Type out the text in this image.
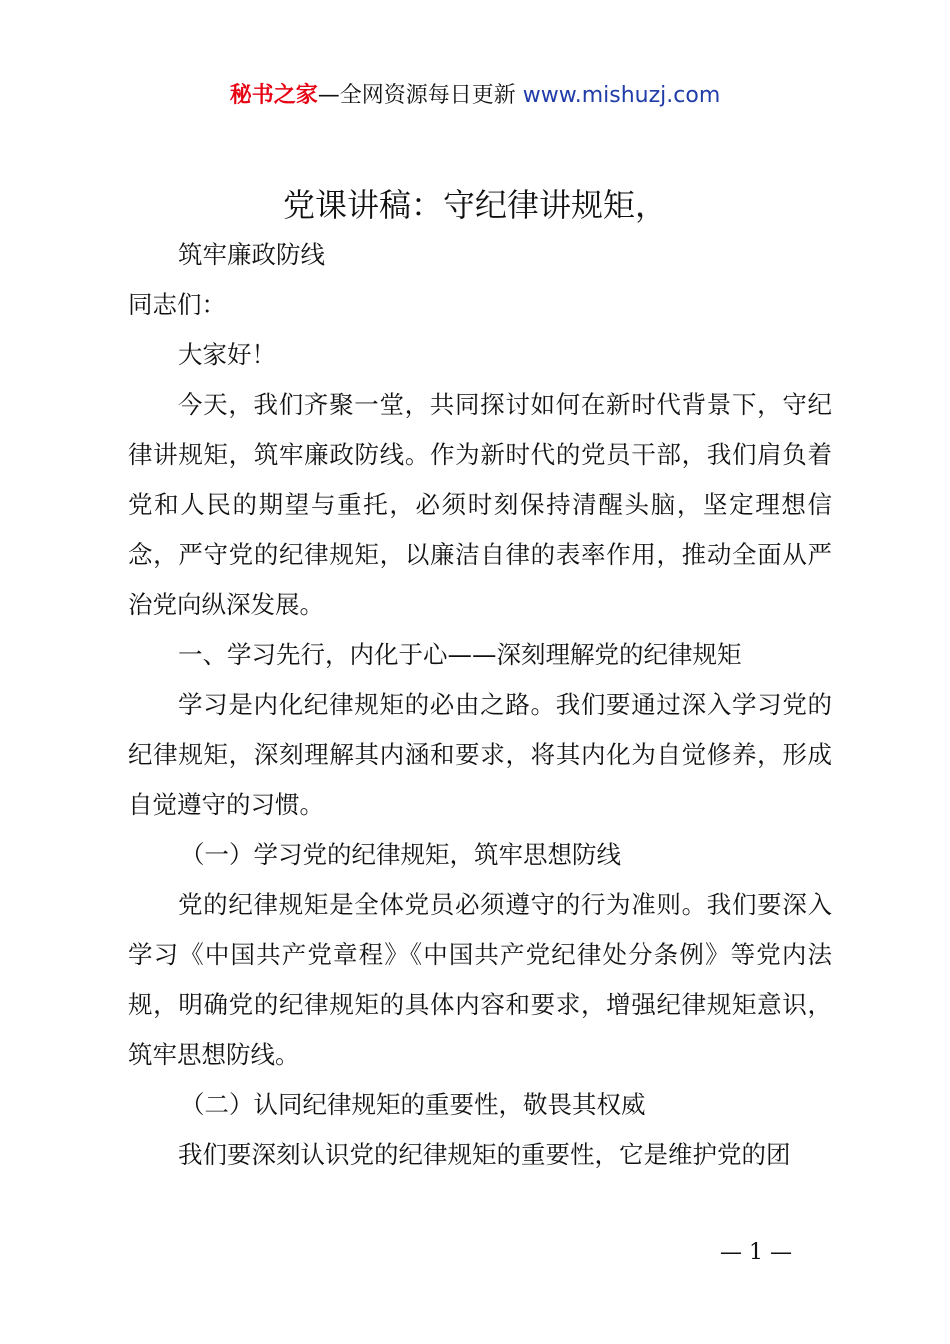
秘书之家—全网资源每日更新 www.mishuzj.com
党课讲稿：守纪律讲规矩，

筑牢廉政防线

同志们：

大家好！

今天，我们齐聚一堂，共同探讨如何在新时代背景下，守纪律讲规矩，筑牢廉政防线。作为新时代的党员干部，我们肩负着党和人民的期望与重托，必须时刻保持清醒头脑，坚定理想信念，严守党的纪律规矩，以廉洁自律的表率作用，推动全面从严治党向纵深发展。

一、学习先行，内化于心——深刻理解党的纪律规矩

学习是内化纪律规矩的必由之路。我们要通过深入学习党的纪律规矩，深刻理解其内涵和要求，将其内化为自觉修养，形成自觉遵守的习惯。

（一）学习党的纪律规矩，筑牢思想防线

党的纪律规矩是全体党员必须遵守的行为准则。我们要深入学习《中国共产党章程》《中国共产党纪律处分条例》等党内法规，明确党的纪律规矩的具体内容和要求，增强纪律规矩意识，筑牢思想防线。

（二）认同纪律规矩的重要性，敬畏其权威

我们要深刻认识党的纪律规矩的重要性，它是维护党的团

— 1 —
